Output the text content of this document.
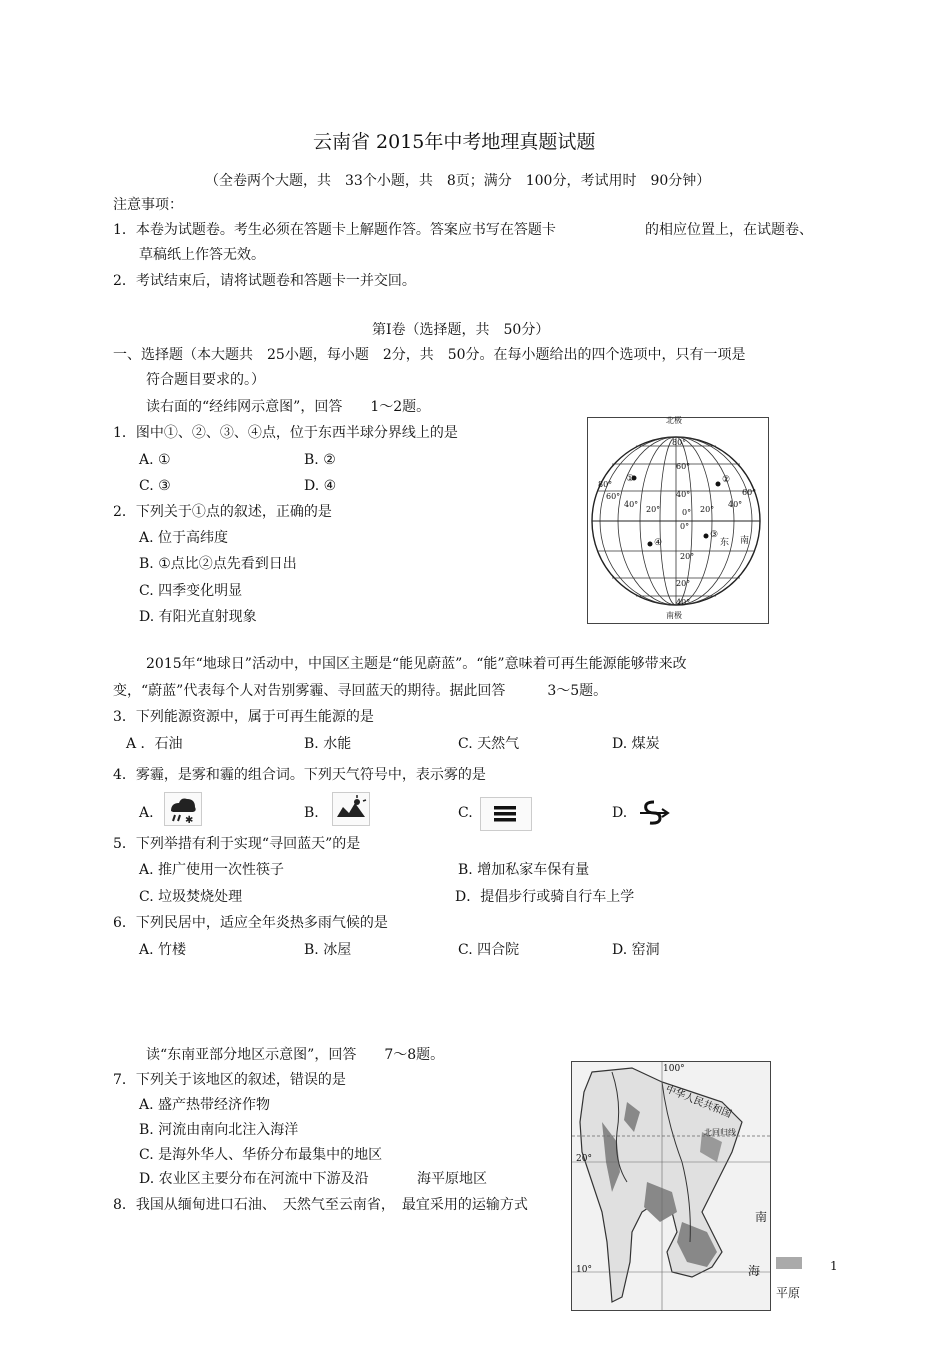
云南省 2015年中考地理真题试题
（全卷两个大题，共　33个小题，共　8页；满分　100分，考试用时　90分钟）
注意事项：
1．本卷为试题卷。考生必须在答题卡上解题作答。答案应书写在答题卡	的相应位置上，在试题卷、
草稿纸上作答无效。
2．考试结束后，请将试题卷和答题卡一并交回。
第Ⅰ卷（选择题，共　50分）
一、选择题（本大题共　25小题，每小题　2分，共　50分。在每小题给出的四个选项中，只有一项是
符合题目要求的。）
读右面的“经纬网示意图”，回答　　1～2题。
1．图中①、②、③、④点，位于东西半球分界线上的是
A. ①	B. ②
C. ③	D. ④
2．下列关于①点的叙述，正确的是
A. 位于高纬度
B. ①点比②点先看到日出
C. 四季变化明显
D. 有阳光直射现象
北极
南极
80°
60°
40°
20°
40°
20°
0°
20°
40°
60°
80°
40°
60°
20°
0°
①	②
③
④	东 南
2015年“地球日”活动中，中国区主题是“能见蔚蓝”。“能”意味着可再生能源能够带来改
变，“蔚蓝”代表每个人对告别雾霾、寻回蓝天的期待。据此回答　　　3～5题。
3．下列能源资源中，属于可再生能源的是
A ．石油	B. 水能	C. 天然气	D. 煤炭
4．雾霾，是雾和霾的组合词。下列天气符号中，表示雾的是
A.	✱	B.	C.	D.
5．下列举措有利于实现“寻回蓝天”的是
A. 推广使用一次性筷子	B. 增加私家车保有量
C. 垃圾焚烧处理	D．提倡步行或骑自行车上学
6．下列民居中，适应全年炎热多雨气候的是
A. 竹楼	B. 冰屋	C. 四合院	D. 窑洞
读“东南亚部分地区示意图”，回答　　7～8题。
7．下列关于该地区的叙述，错误的是
A. 盛产热带经济作物
B. 河流由南向北注入海洋
C. 是海外华人、华侨分布最集中的地区
D. 农业区主要分布在河流中下游及沿	海平原地区
8．我国从缅甸进口石油、　天然气至云南省，　最宜采用的运输方式
100°
20°
10°
中华人民共和国
北回归线
南
海
平原
1
